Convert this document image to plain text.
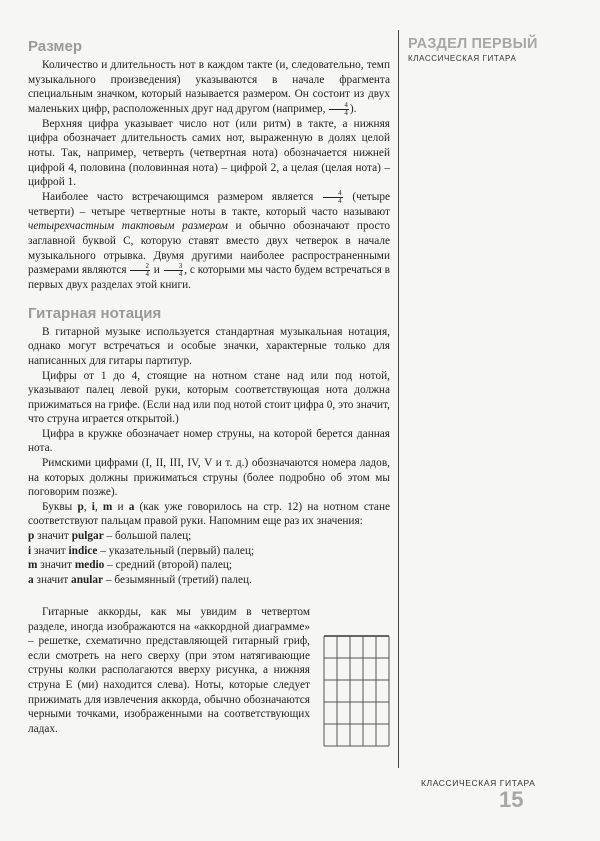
РАЗДЕЛ ПЕРВЫЙ
КЛАССИЧЕСКАЯ ГИТАРА
Размер

Количество и длительность нот в каждом такте (и, следовательно, темп музыкального произведения) указываются в начале фрагмента специальным значком, который называется размером. Он состоит из двух маленьких цифр, расположенных друг над другом (например, $\frac{4}{4}$ ).

Верхняя цифра указывает число нот (или ритм) в такте, а нижняя цифра обозначает длительность самих нот, выраженную в долях целой ноты. Так, например, четверть (четвертная нота) обозначается нижней цифрой 4, половина (половинная нота) – цифрой 2, а целая (целая нота) – цифрой 1.

Наиболее часто встречающимся размером является $\frac{4}{4}$ (четыре четверти) – четыре четвертные ноты в такте, который часто называют четырехчастным тактовым размером и обычно обозначают просто заглавной буквой С, которую ставят вместо двух четверок в начале музыкального отрывка. Двумя другими наиболее распространенными размерами являются $\frac{2}{4}$ и $\frac{3}{4}$ , с которыми мы часто будем встречаться в первых двух разделах этой книги.

Гитарная нотация

В гитарной музыке используется стандартная музыкальная нотация, однако могут встречаться и особые значки, характерные только для написанных для гитары партитур.

Цифры от 1 до 4, стоящие на нотном стане над или под нотой, указывают палец левой руки, которым соответствующая нота должна прижиматься на грифе. (Если над или под нотой стоит цифра 0, это значит, что струна играется открытой.)

Цифра в кружке обозначает номер струны, на которой берется данная нота.

Римскими цифрами (I, II, III, IV, V и т. д.) обозначаются номера ладов, на которых должны прижиматься струны (более подробно об этом мы поговорим позже).

Буквы p, i, m и a (как уже говорилось на стр. 12) на нотном стане соответствуют пальцам правой руки. Напомним еще раз их значения:

p значит pulgar – большой палец;

i значит indice – указательный (первый) палец;

m значит medio – средний (второй) палец;

a значит anular – безымянный (третий) палец.

Гитарные аккорды, как мы увидим в четвертом разделе, иногда изображаются на «аккордной диаграмме» – решетке, схематично представляющей гитарный гриф, если смотреть на него сверху (при этом натягивающие струны колки располагаются вверху рисунка, а нижняя струна E (ми) находится слева). Ноты, которые следует прижимать для извлечения аккорда, обычно обозначаются черными точками, изображенными на соответствующих ладах.

КЛАССИЧЕСКАЯ ГИТАРА
15
